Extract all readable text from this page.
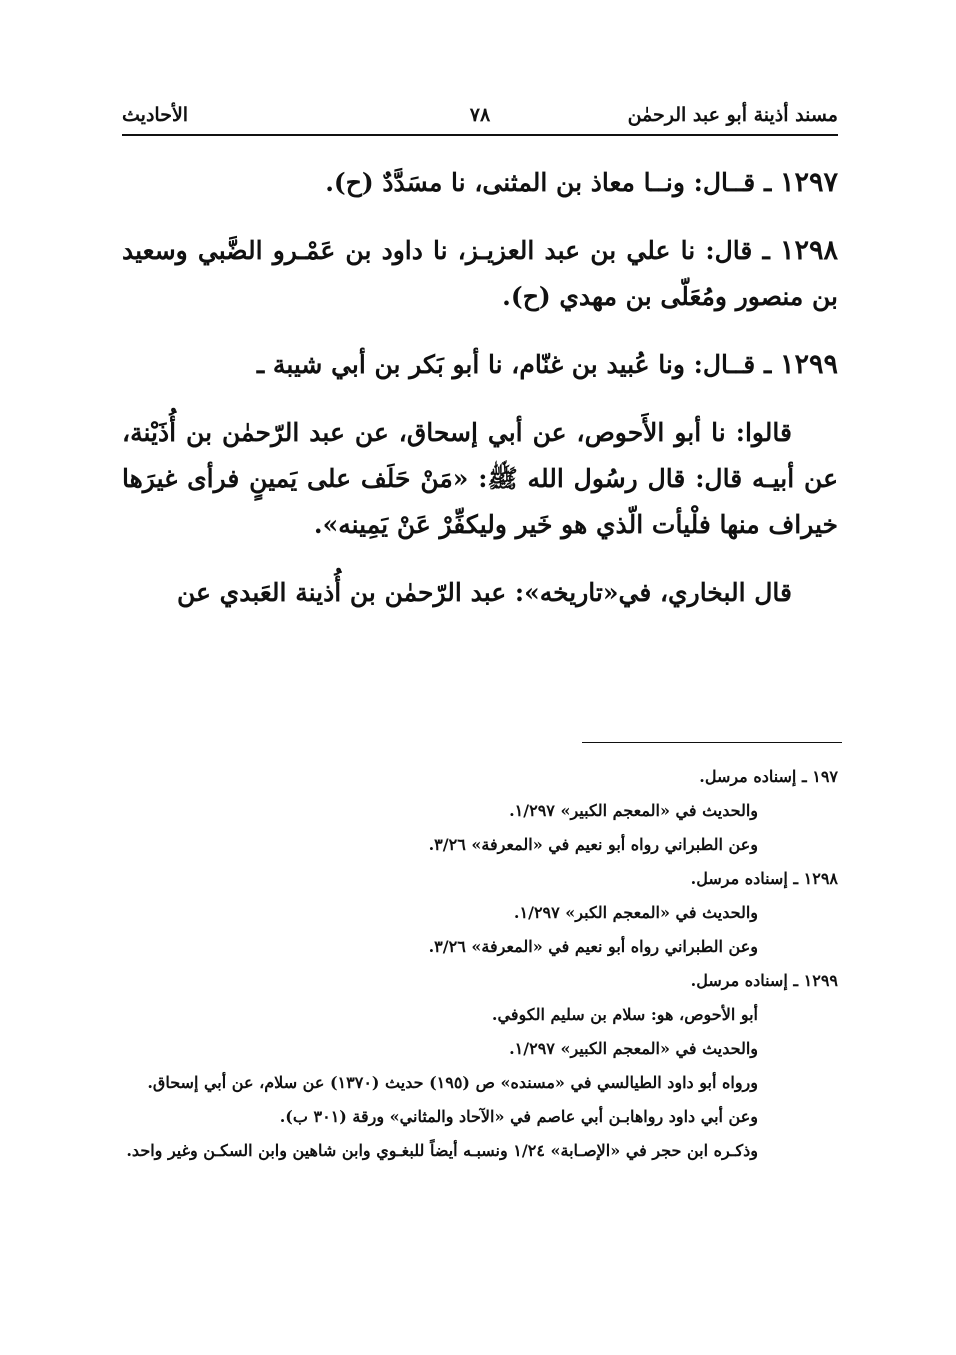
مسند أذينة أبو عبد الرحمٰن
٧٨
الأحاديث

١٢٩٧ ـ قــال: ونــا معاذ بن المثنى، نا مسَدَّدٌ (ح).

١٢٩٨ ـ قال: نا علي بن عبد العزيـز، نا داود بن عَمْـرو الضَّبي وسعيد بن منصور ومُعَلّى بن مهدي (ح).

١٢٩٩ ـ قــال: ونا عُبيد بن غنّام، نا أبو بَكر بن أبي شيبة ـ

قالوا: نا أبو الأَحوص، عن أبي إسحاق، عن عبد الرّحمٰن بن أُذَيْنة، عن أبيـه قال: قال رسُول الله ﷺ: «مَنْ حَلَف على يَمينٍ فرأى غيرَها خيراف منها فلْيأت الّذي هو خَير وليكفِّرْ عَنْ يَمِينه».

قال البخاري، في«تاريخه»: عبد الرّحمٰن بن أُذينة العَبدي عن

١٩٧ ـ إسناده مرسل.
والحديث في «المعجم الكبير» ١/٢٩٧.
وعن الطبراني رواه أبو نعيم في «المعرفة» ٣/٢٦.
١٢٩٨ ـ إسناده مرسل.
والحديث في «المعجم الكبر» ١/٢٩٧.
وعن الطبراني رواه أبو نعيم في «المعرفة» ٣/٢٦.
١٢٩٩ ـ إسناده مرسل.
أبو الأحوص، هو: سلام بن سليم الكوفي.
والحديث في «المعجم الكبير» ١/٢٩٧.
ورواه أبو داود الطيالسي في «مسنده» ص (١٩٥) حديث (١٣٧٠) عن سلام، عن أبي إسحاق.
وعن أبي داود رواهابـن أبي عاصم في «الآحاد والمثاني» ورقة (٣٠١ ب).
وذكـره ابن حجر في «الإصـابة» ١/٢٤ ونسبـه أيضاً للبغـوي وابن شاهين وابن السكـن وغير واحد.
